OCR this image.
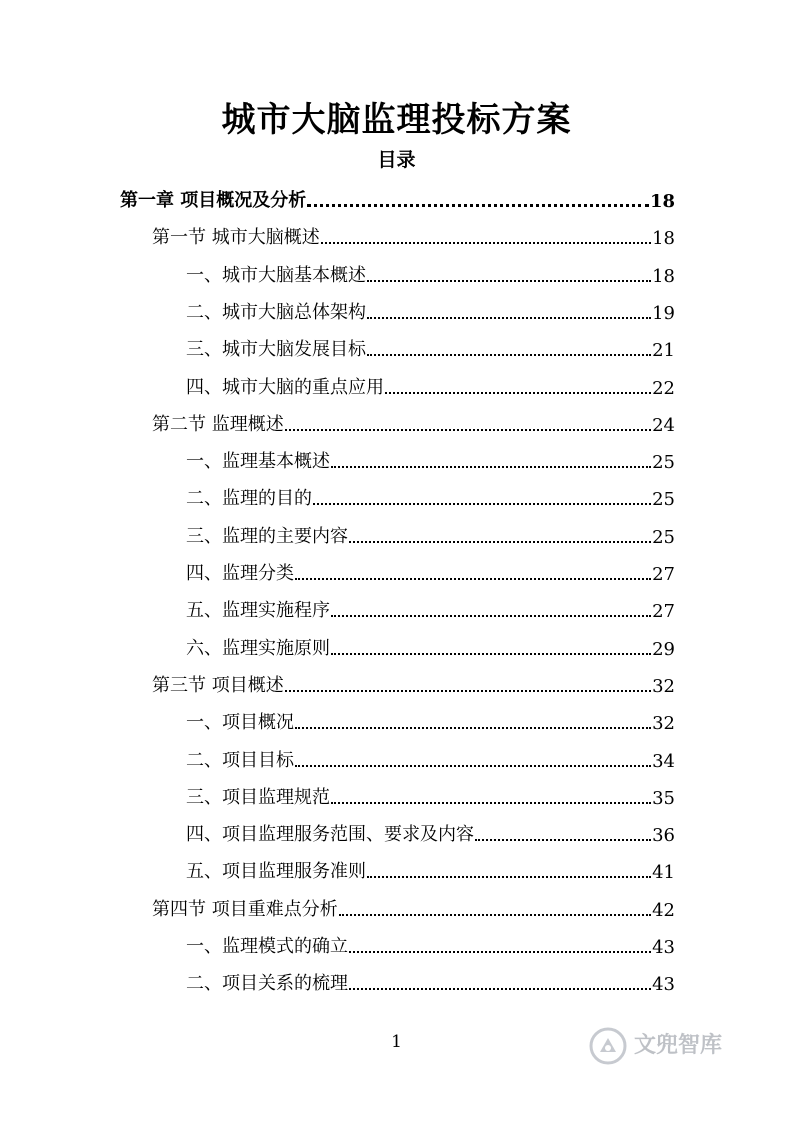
城市大脑监理投标方案
目录
第一章 项目概况及分析	18
第一节 城市大脑概述	18
一、城市大脑基本概述	18
二、城市大脑总体架构	19
三、城市大脑发展目标	21
四、城市大脑的重点应用	22
第二节 监理概述	24
一、监理基本概述	25
二、监理的目的	25
三、监理的主要内容	25
四、监理分类	27
五、监理实施程序	27
六、监理实施原则	29
第三节 项目概述	32
一、项目概况	32
二、项目目标	34
三、项目监理规范	35
四、项目监理服务范围、要求及内容	36
五、项目监理服务准则	41
第四节 项目重难点分析	42
一、监理模式的确立	43
二、项目关系的梳理	43
1	文兜智库
